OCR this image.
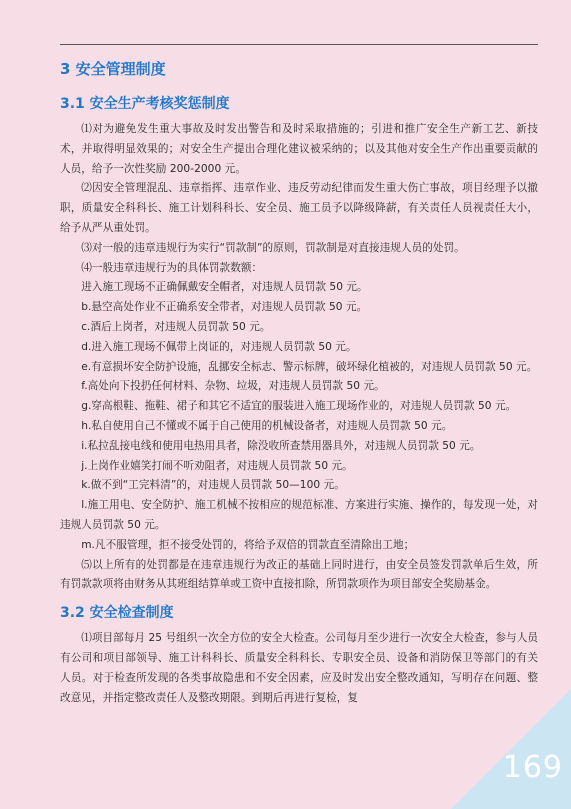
3 安全管理制度
3.1 安全生产考核奖惩制度

⑴对为避免发生重大事故及时发出警告和及时采取措施的；引进和推广安全生产新工艺、新技术，并取得明显效果的；对安全生产提出合理化建议被采纳的；以及其他对安全生产作出重要贡献的人员，给予一次性奖励 200-2000 元。

⑵因安全管理混乱、违章指挥、违章作业、违反劳动纪律而发生重大伤亡事故，项目经理予以撤职，质量安全科科长、施工计划科科长、安全员、施工员予以降级降薪，有关责任人员视责任大小，给予从严从重处罚。

⑶对一般的违章违规行为实行“罚款制”的原则，罚款制是对直接违规人员的处罚。

⑷一般违章违规行为的具体罚款数额：

进入施工现场不正确佩戴安全帽者，对违规人员罚款 50 元。

b.悬空高处作业不正确系安全带者，对违规人员罚款 50 元。

c.酒后上岗者，对违规人员罚款 50 元。

d.进入施工现场不佩带上岗证的，对违规人员罚款 50 元。

e.有意损坏安全防护设施，乱挪安全标志、警示标牌，破坏绿化植被的，对违规人员罚款 50 元。

f.高处向下投扔任何材料、杂物、垃圾，对违规人员罚款 50 元。

g.穿高根鞋、拖鞋、裙子和其它不适宜的服装进入施工现场作业的，对违规人员罚款 50 元。

h.私自使用自己不懂或不属于自己使用的机械设备者，对违规人员罚款 50 元。

i.私拉乱接电线和使用电热用具者，除没收所查禁用器具外，对违规人员罚款 50 元。

j.上岗作业嬉笑打闹不听劝阻者，对违规人员罚款 50 元。

k.做不到“工完料清”的，对违规人员罚款 50—100 元。

l.施工用电、安全防护、施工机械不按相应的规范标准、方案进行实施、操作的，每发现一处，对违规人员罚款 50 元。

m.凡不服管理，拒不接受处罚的，将给予双倍的罚款直至清除出工地；

⑸以上所有的处罚都是在违章违规行为改正的基础上同时进行，由安全员签发罚款单后生效，所有罚款款项将由财务从其班组结算单或工资中直接扣除，所罚款项作为项目部安全奖励基金。

3.2 安全检查制度

⑴项目部每月 25 号组织一次全方位的安全大检查。公司每月至少进行一次安全大检查，参与人员有公司和项目部领导、施工计科科长、质量安全科科长、专职安全员、设备和消防保卫等部门的有关人员。对于检查所发现的各类事故隐患和不安全因素，应及时发出安全整改通知，写明存在问题、整改意见，并指定整改责任人及整改期限。到期后再进行复检，复

169
